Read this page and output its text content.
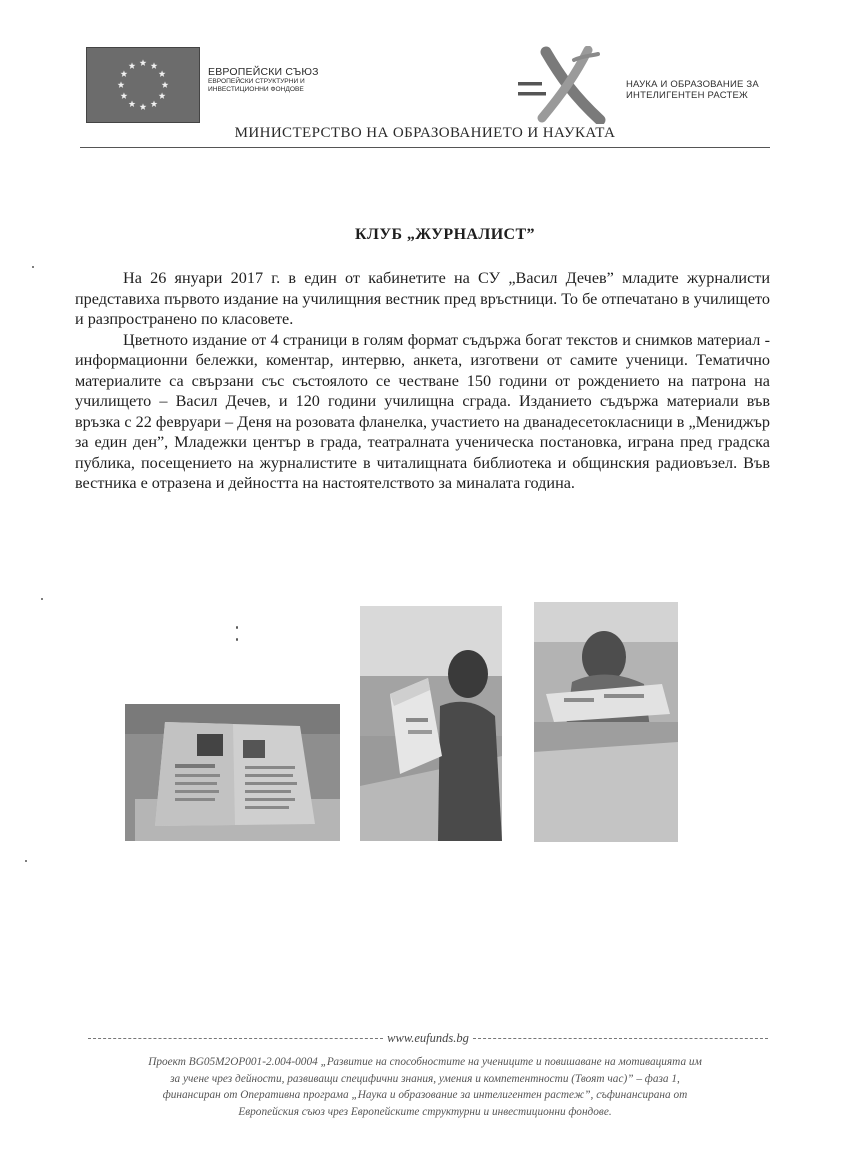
ЕВРОПЕЙСКИ СЪЮЗ
ЕВРОПЕЙСКИ СТРУКТУРНИ И ИНВЕСТИЦИОННИ ФОНДОВЕ	НАУКА И ОБРАЗОВАНИЕ ЗА
ИНТЕЛИГЕНТЕН РАСТЕЖ
МИНИСТЕРСТВО НА ОБРАЗОВАНИЕТО И НАУКАТА
КЛУБ „ЖУРНАЛИСТ”

На 26 януари 2017 г. в един от кабинетите на СУ „Васил Дечев” младите журналисти представиха първото издание на училищния вестник пред връстници. То бе отпечатано в училището и разпространено по класовете.

Цветното издание от 4 страници в голям формат съдържа богат текстов и снимков материал - информационни бележки, коментар, интервю, анкета, изготвени от самите ученици. Тематично материалите са свързани със състоялото се честване 150 години от рождението на патрона на училището – Васил Дечев, и 120 години училищна сграда. Изданието съдържа материали във връзка с 22 февруари – Деня на розовата фланелка, участието на дванадесетокласници в „Мениджър за един ден”, Младежки център в града, театралната ученическа постановка, играна пред градска публика, посещението на журналистите в читалищната библиотека и общинския радиовъзел. Във вестника е отразена и дейността на настоятелството за миналата година.

www.eufunds.bg
Проект BG05M2OP001-2.004-0004 „Развитие на способностите на учениците и повишаване на мотивацията им
за учене чрез дейности, развиващи специфични знания, умения и компетентности (Твоят час)” – фаза 1,
финансиран от Оперативна програма „Наука и образование за интелигентен растеж”, съфинансирана от
Европейския съюз чрез Европейските структурни и инвестиционни фондове.
